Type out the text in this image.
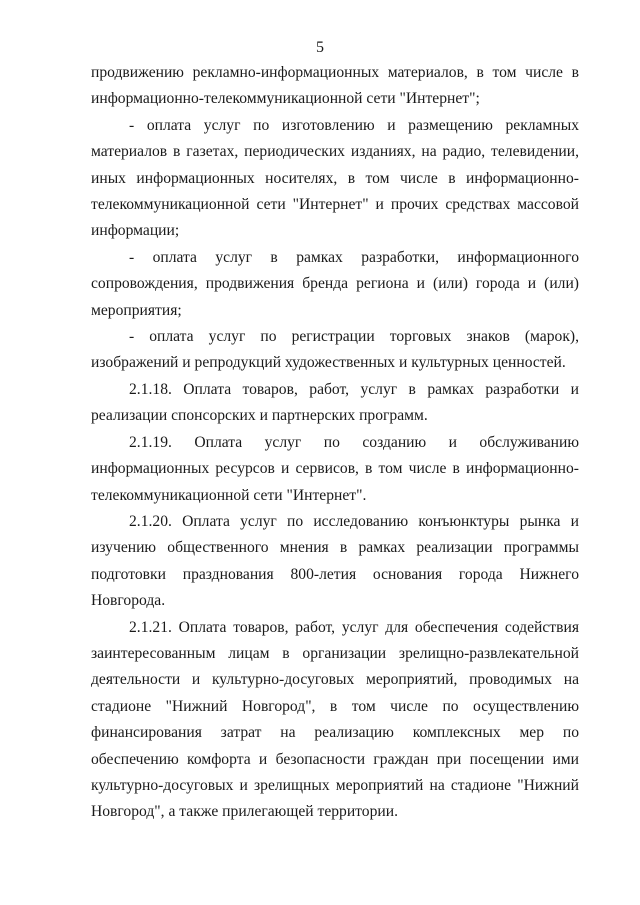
5

продвижению рекламно-информационных материалов, в том числе в информационно-телекоммуникационной сети "Интернет";

- оплата услуг по изготовлению и размещению рекламных материалов в газетах, периодических изданиях, на радио, телевидении, иных информационных носителях, в том числе в информационно-телекоммуникационной сети "Интернет" и прочих средствах массовой информации;

- оплата услуг в рамках разработки, информационного сопровождения, продвижения бренда региона и (или) города и (или) мероприятия;

- оплата услуг по регистрации торговых знаков (марок), изображений и репродукций художественных и культурных ценностей.

2.1.18. Оплата товаров, работ, услуг в рамках разработки и реализации спонсорских и партнерских программ.

2.1.19. Оплата услуг по созданию и обслуживанию информационных ресурсов и сервисов, в том числе в информационно-телекоммуникационной сети "Интернет".

2.1.20. Оплата услуг по исследованию конъюнктуры рынка и изучению общественного мнения в рамках реализации программы подготовки празднования 800-летия основания города Нижнего Новгорода.

2.1.21. Оплата товаров, работ, услуг для обеспечения содействия заинтересованным лицам в организации зрелищно-развлекательной деятельности и культурно-досуговых мероприятий, проводимых на стадионе "Нижний Новгород", в том числе по осуществлению финансирования затрат на реализацию комплексных мер по обеспечению комфорта и безопасности граждан при посещении ими культурно-досуговых и зрелищных мероприятий на стадионе "Нижний Новгород", а также прилегающей территории.
